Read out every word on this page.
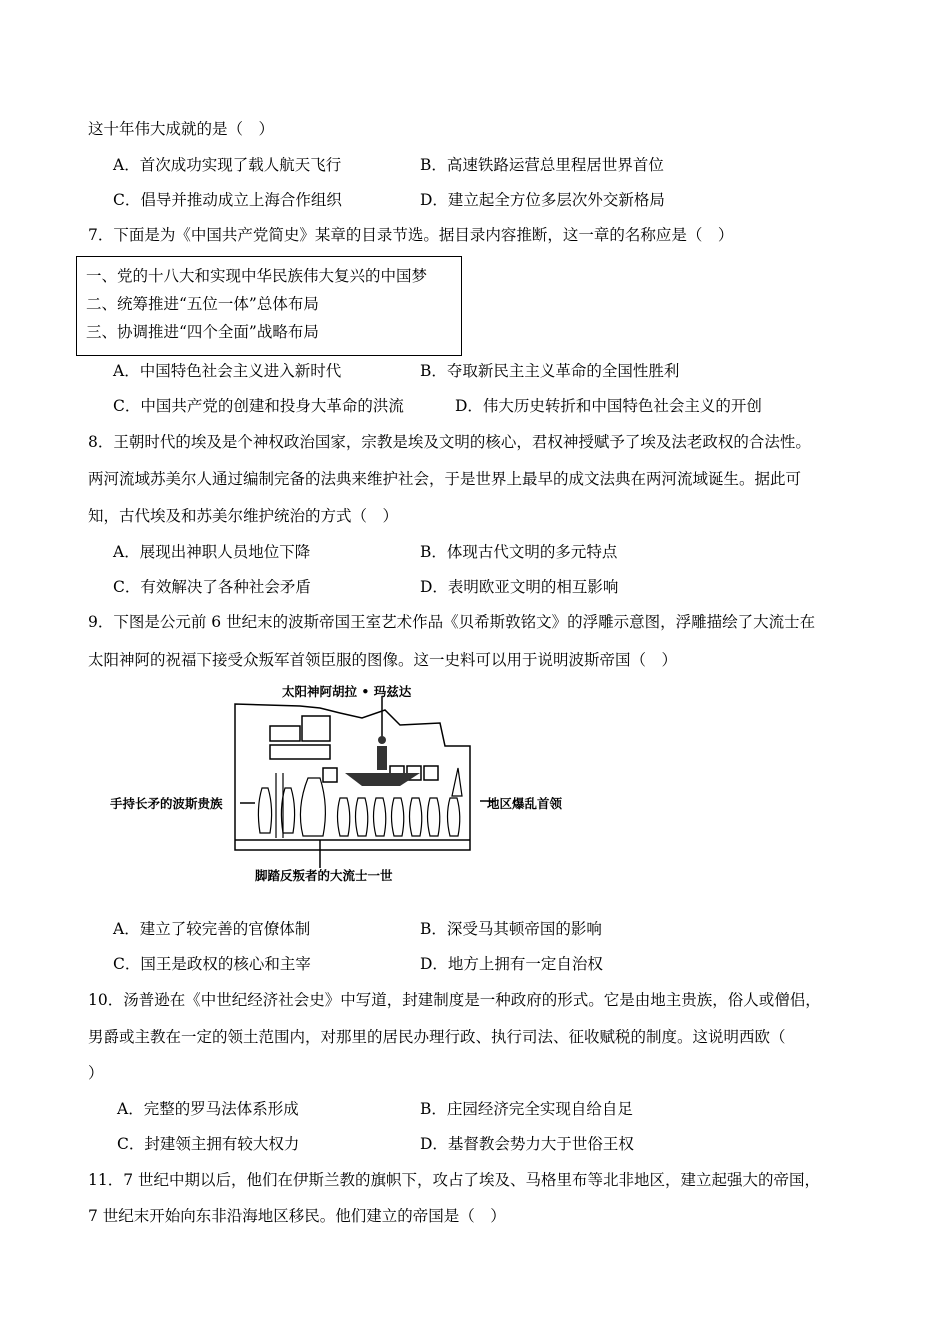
这十年伟大成就的是（　）
A．首次成功实现了载人航天飞行	B．高速铁路运营总里程居世界首位
C．倡导并推动成立上海合作组织	D．建立起全方位多层次外交新格局
7．下面是为《中国共产党简史》某章的目录节选。据目录内容推断，这一章的名称应是（　）
一、党的十八大和实现中华民族伟大复兴的中国梦
二、统筹推进“五位一体”总体布局
三、协调推进“四个全面”战略布局
A．中国特色社会主义进入新时代	B．夺取新民主主义革命的全国性胜利
C．中国共产党的创建和投身大革命的洪流	D．伟大历史转折和中国特色社会主义的开创
8．王朝时代的埃及是个神权政治国家，宗教是埃及文明的核心，君权神授赋予了埃及法老政权的合法性。
两河流域苏美尔人通过编制完备的法典来维护社会，于是世界上最早的成文法典在两河流域诞生。据此可
知，古代埃及和苏美尔维护统治的方式（　）
A．展现出神职人员地位下降	B．体现古代文明的多元特点
C．有效解决了各种社会矛盾	D．表明欧亚文明的相互影响
9．下图是公元前 6 世纪末的波斯帝国王室艺术作品《贝希斯敦铭文》的浮雕示意图，浮雕描绘了大流士在
太阳神阿的祝福下接受众叛军首领臣服的图像。这一史料可以用于说明波斯帝国（　）
太阳神阿胡拉 • 玛兹达
手持长矛的波斯贵族	地区爆乱首领
脚踏反叛者的大流士一世
A．建立了较完善的官僚体制	B．深受马其顿帝国的影响
C．国王是政权的核心和主宰	D．地方上拥有一定自治权
10．汤普逊在《中世纪经济社会史》中写道，封建制度是一种政府的形式。它是由地主贵族，俗人或僧侣，
男爵或主教在一定的领土范围内，对那里的居民办理行政、执行司法、征收赋税的制度。这说明西欧（
）
A．完整的罗马法体系形成	B．庄园经济完全实现自给自足
C．封建领主拥有较大权力	D．基督教会势力大于世俗王权
11．7 世纪中期以后，他们在伊斯兰教的旗帜下，攻占了埃及、马格里布等北非地区，建立起强大的帝国，
7 世纪末开始向东非沿海地区移民。他们建立的帝国是（　）
